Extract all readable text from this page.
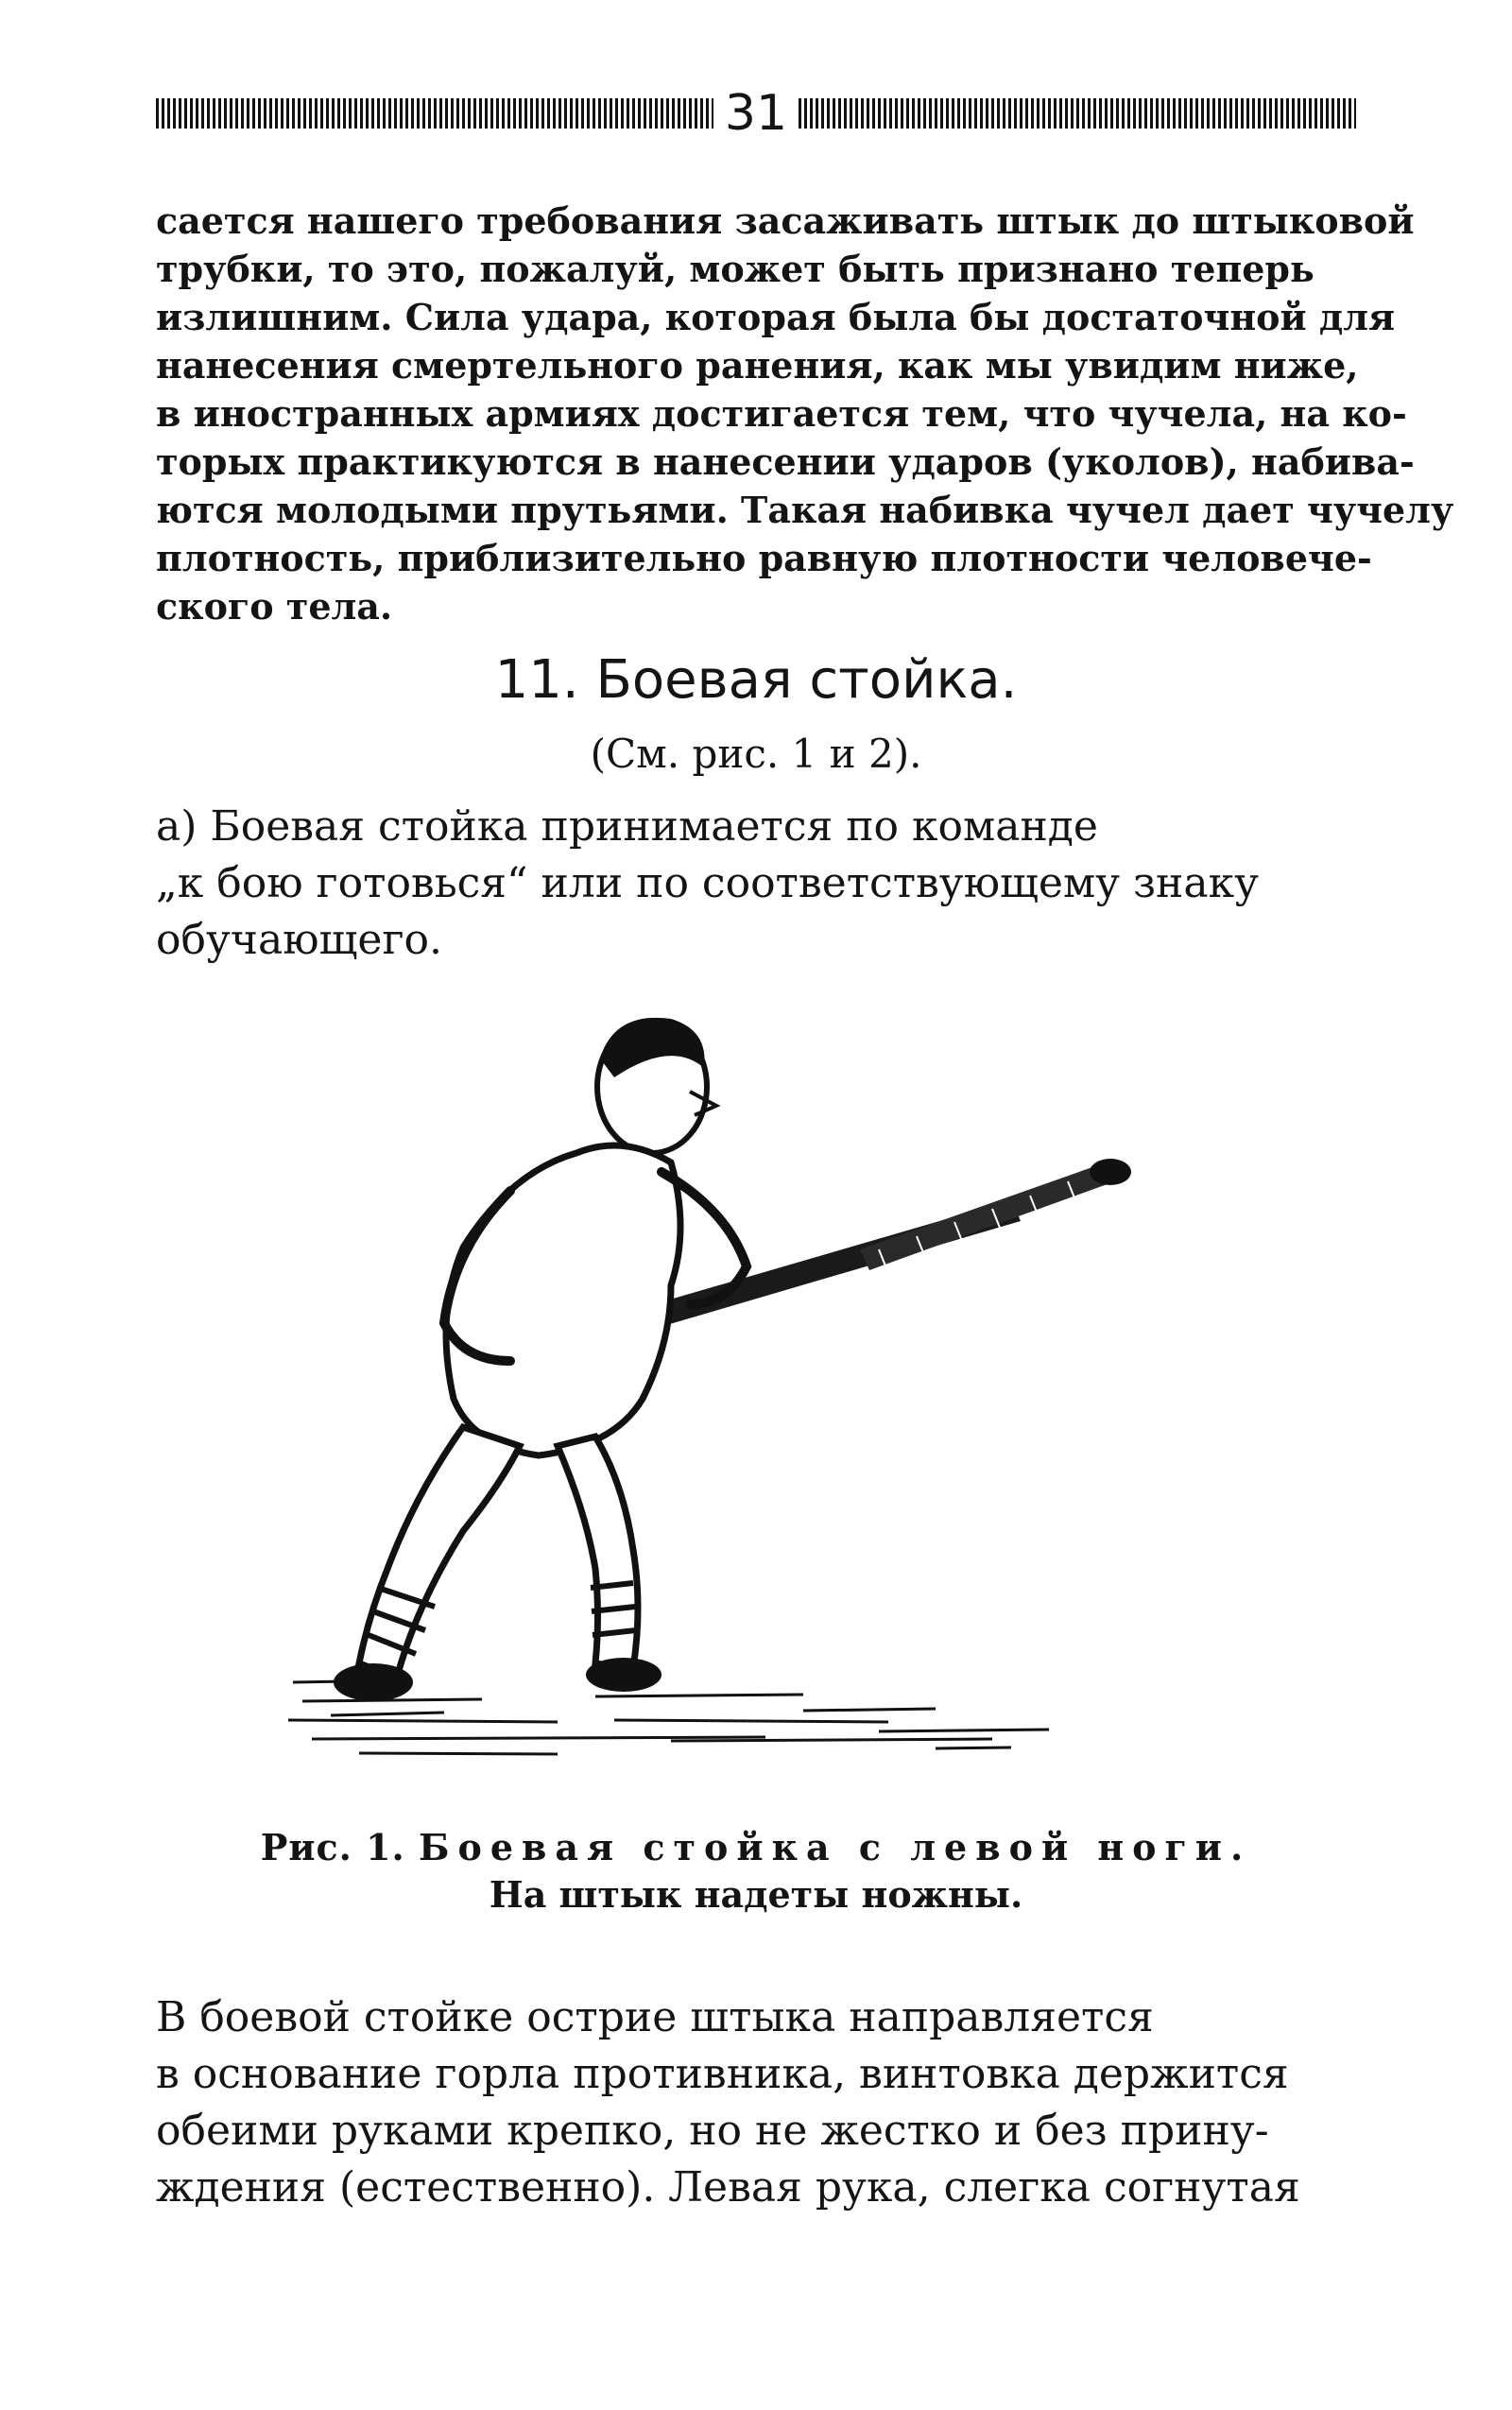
31

сается нашего требования засаживать штык до штыковой
трубки, то это, пожалуй, может быть признано теперь
излишним. Сила удара, которая была бы достаточной для
нанесения смертельного ранения, как мы увидим ниже,
в иностранных армиях достигается тем, что чучела, на ко-
торых практикуются в нанесении ударов (уколов), набива-
ются молодыми прутьями. Такая набивка чучел дает чучелу
плотность, приблизительно равную плотности человече-
ского тела.

11. Боевая стойка.
(См. рис. 1 и 2).

а) Боевая стойка принимается по команде
„к бою готовься“ или по соответствующему знаку
обучающего.

Рис. 1. Боевая стойка с левой ноги.
На штык надеты ножны.

В боевой стойке острие штыка направляется
в основание горла противника, винтовка держится
обеими руками крепко, но не жестко и без прину-
ждения (естественно). Левая рука, слегка согнутая
